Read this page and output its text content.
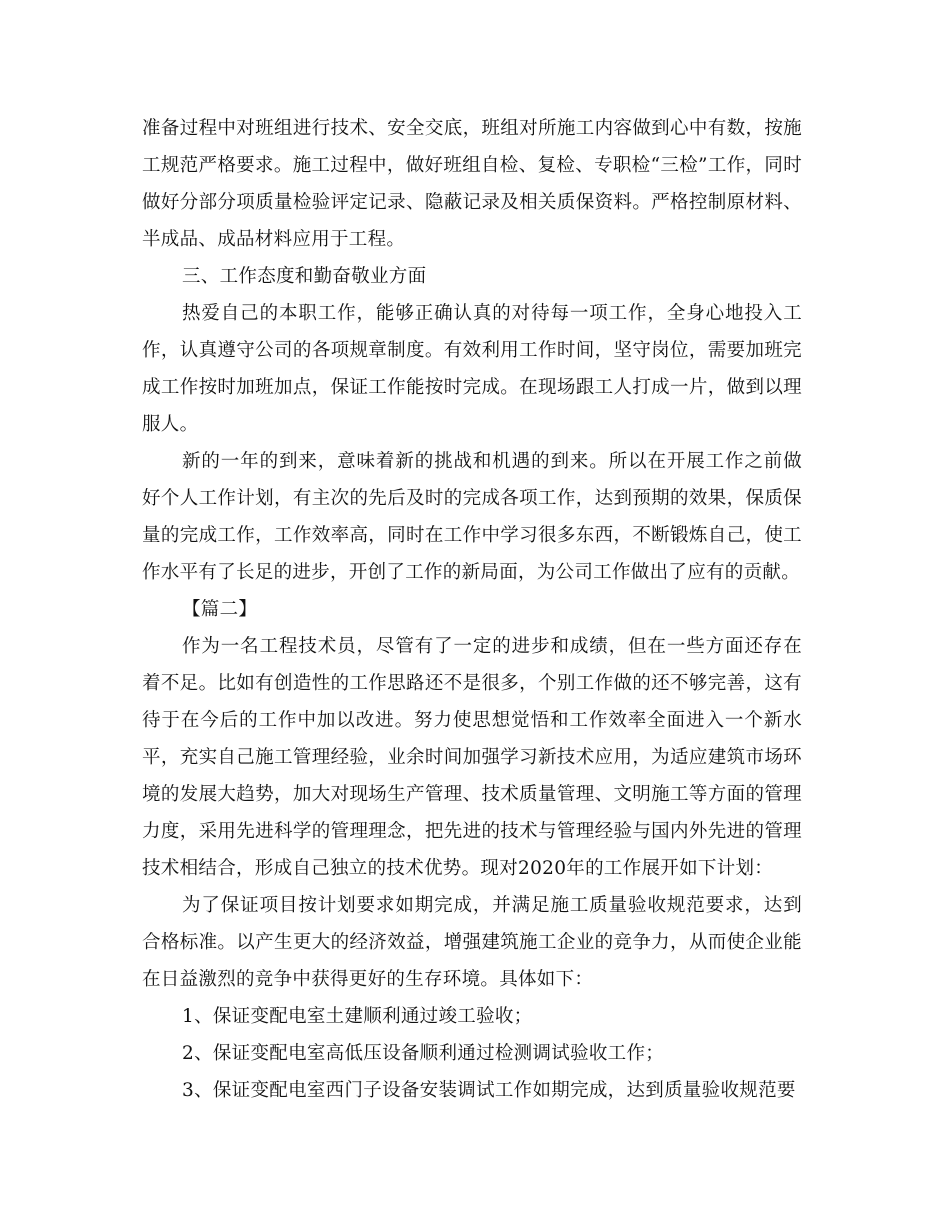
准备过程中对班组进行技术、安全交底，班组对所施工内容做到心中有数，按施工规范严格要求。施工过程中，做好班组自检、复检、专职检“三检”工作，同时做好分部分项质量检验评定记录、隐蔽记录及相关质保资料。严格控制原材料、半成品、成品材料应用于工程。

三、工作态度和勤奋敬业方面

热爱自己的本职工作，能够正确认真的对待每一项工作，全身心地投入工作，认真遵守公司的各项规章制度。有效利用工作时间，坚守岗位，需要加班完成工作按时加班加点，保证工作能按时完成。在现场跟工人打成一片，做到以理服人。

新的一年的到来，意味着新的挑战和机遇的到来。所以在开展工作之前做好个人工作计划，有主次的先后及时的完成各项工作，达到预期的效果，保质保量的完成工作，工作效率高，同时在工作中学习很多东西，不断锻炼自己，使工作水平有了长足的进步，开创了工作的新局面，为公司工作做出了应有的贡献。

【篇二】

作为一名工程技术员，尽管有了一定的进步和成绩，但在一些方面还存在着不足。比如有创造性的工作思路还不是很多，个别工作做的还不够完善，这有待于在今后的工作中加以改进。努力使思想觉悟和工作效率全面进入一个新水平，充实自己施工管理经验，业余时间加强学习新技术应用，为适应建筑市场环境的发展大趋势，加大对现场生产管理、技术质量管理、文明施工等方面的管理力度，采用先进科学的管理理念，把先进的技术与管理经验与国内外先进的管理技术相结合，形成自己独立的技术优势。现对2020年的工作展开如下计划：

为了保证项目按计划要求如期完成，并满足施工质量验收规范要求，达到合格标准。以产生更大的经济效益，增强建筑施工企业的竞争力，从而使企业能在日益激烈的竞争中获得更好的生存环境。具体如下：

1、保证变配电室土建顺利通过竣工验收；

2、保证变配电室高低压设备顺利通过检测调试验收工作；

3、保证变配电室西门子设备安装调试工作如期完成，达到质量验收规范要
